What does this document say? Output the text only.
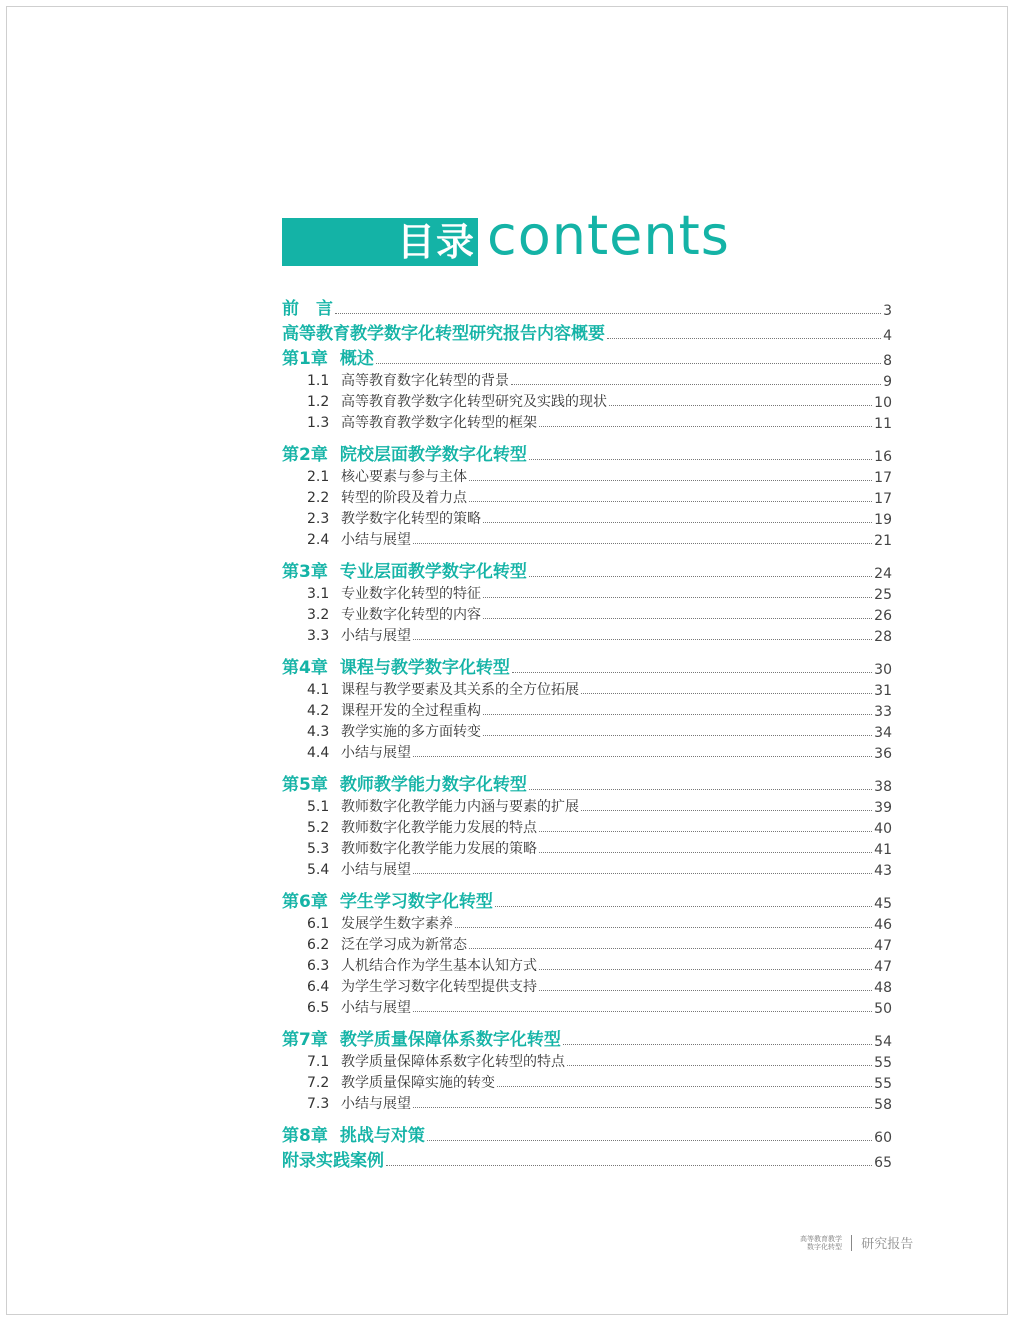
目录 contents
前　言	3
高等教育教学数字化转型研究报告内容概要	4
第1章 概述	8
1.1 高等教育数字化转型的背景	9
1.2 高等教育教学数字化转型研究及实践的现状	10
1.3 高等教育教学数字化转型的框架	11
第2章 院校层面教学数字化转型	16
2.1 核心要素与参与主体	17
2.2 转型的阶段及着力点	17
2.3 教学数字化转型的策略	19
2.4 小结与展望	21
第3章 专业层面教学数字化转型	24
3.1 专业数字化转型的特征	25
3.2 专业数字化转型的内容	26
3.3 小结与展望	28
第4章 课程与教学数字化转型	30
4.1 课程与教学要素及其关系的全方位拓展	31
4.2 课程开发的全过程重构	33
4.3 教学实施的多方面转变	34
4.4 小结与展望	36
第5章 教师教学能力数字化转型	38
5.1 教师数字化教学能力内涵与要素的扩展	39
5.2 教师数字化教学能力发展的特点	40
5.3 教师数字化教学能力发展的策略	41
5.4 小结与展望	43
第6章 学生学习数字化转型	45
6.1 发展学生数字素养	46
6.2 泛在学习成为新常态	47
6.3 人机结合作为学生基本认知方式	47
6.4 为学生学习数字化转型提供支持	48
6.5 小结与展望	50
第7章 教学质量保障体系数字化转型	54
7.1 教学质量保障体系数字化转型的特点	55
7.2 教学质量保障实施的转变	55
7.3 小结与展望	58
第8章 挑战与对策	60
附录实践案例	65
高等教育教学
数字化转型 研究报告
